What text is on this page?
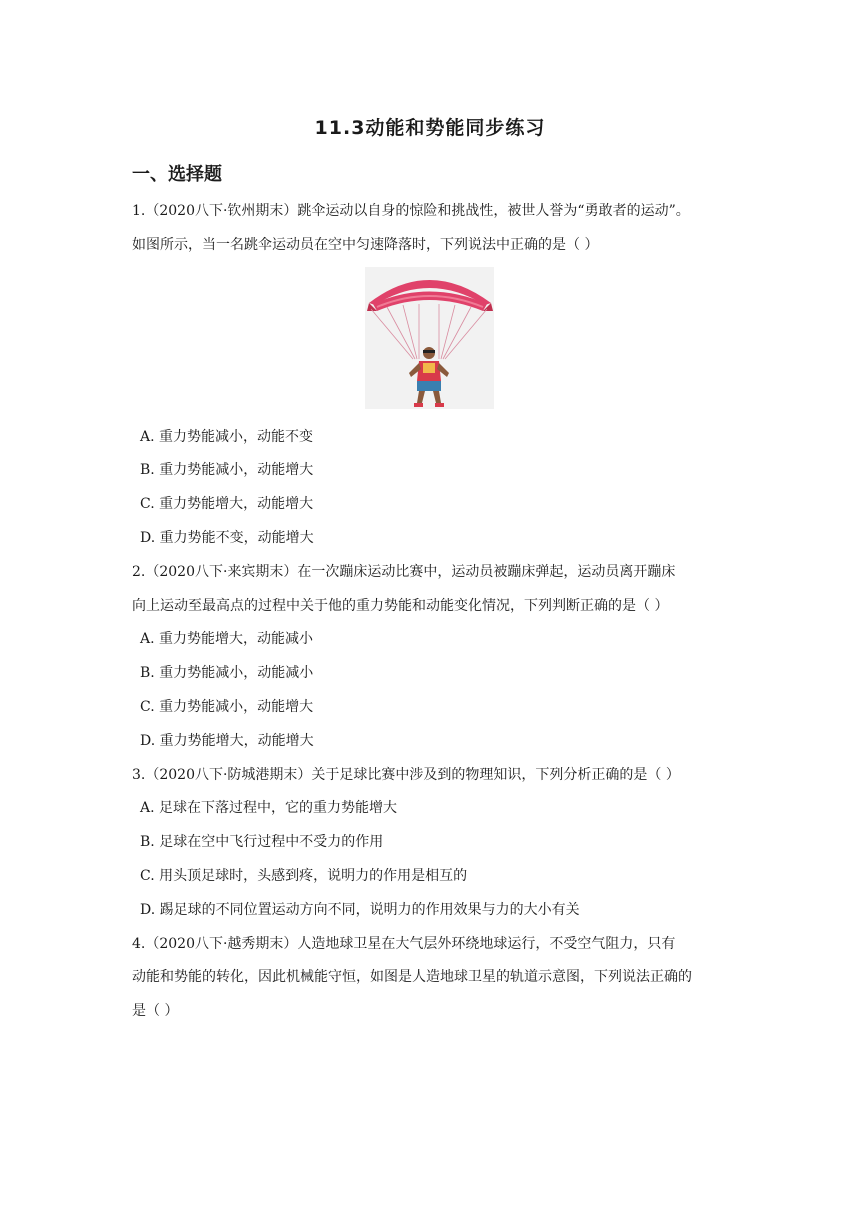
11.3动能和势能同步练习
一、选择题
1.（2020八下·钦州期末）跳伞运动以自身的惊险和挑战性，被世人誉为“勇敢者的运动”。
如图所示，当一名跳伞运动员在空中匀速降落时，下列说法中正确的是（ ）
A. 重力势能减小，动能不变
B. 重力势能减小，动能增大
C. 重力势能增大，动能增大
D. 重力势能不变，动能增大
2.（2020八下·来宾期末）在一次蹦床运动比赛中，运动员被蹦床弹起，运动员离开蹦床
向上运动至最高点的过程中关于他的重力势能和动能变化情况，下列判断正确的是（ ）
A. 重力势能增大，动能减小
B. 重力势能减小，动能减小
C. 重力势能减小，动能增大
D. 重力势能增大，动能增大
3.（2020八下·防城港期末）关于足球比赛中涉及到的物理知识，下列分析正确的是（ ）
A. 足球在下落过程中，它的重力势能增大
B. 足球在空中飞行过程中不受力的作用
C. 用头顶足球时，头感到疼，说明力的作用是相互的
D. 踢足球的不同位置运动方向不同，说明力的作用效果与力的大小有关
4.（2020八下·越秀期末）人造地球卫星在大气层外环绕地球运行，不受空气阻力，只有
动能和势能的转化，因此机械能守恒，如图是人造地球卫星的轨道示意图，下列说法正确的
是（ ）
